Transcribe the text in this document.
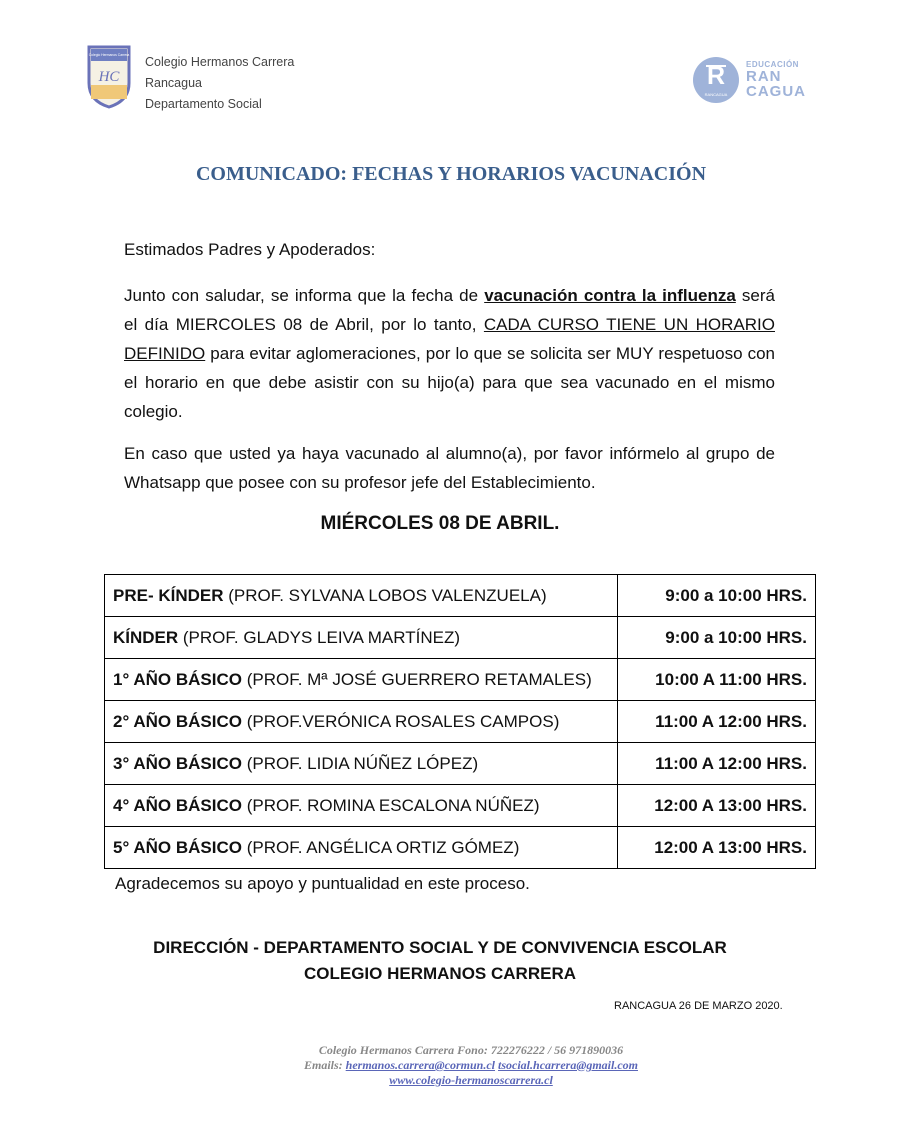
Colegio Hermanos Carrera
HC
Colegio Hermanos Carrera
Rancagua
Departamento Social
R
RANCAGUA
EDUCACIÓN
RAN
CAGUA
COMUNICADO: FECHAS Y HORARIOS VACUNACIÓN
Estimados Padres y Apoderados:
Junto con saludar, se informa que la fecha de vacunación contra la influenza será el día MIERCOLES 08 de Abril, por lo tanto, CADA CURSO TIENE UN HORARIO DEFINIDO para evitar aglomeraciones, por lo que se solicita ser MUY respetuoso con el horario en que debe asistir con su hijo(a) para que sea vacunado en el mismo colegio.
En caso que usted ya haya vacunado al alumno(a), por favor infórmelo al grupo de Whatsapp que posee con su profesor jefe del Establecimiento.
MIÉRCOLES 08 DE ABRIL.
PRE- KÍNDER (PROF. SYLVANA LOBOS VALENZUELA)	9:00 a 10:00 HRS.
KÍNDER (PROF. GLADYS LEIVA MARTÍNEZ)	9:00 a 10:00 HRS.
1° AÑO BÁSICO (PROF. Mª JOSÉ GUERRERO RETAMALES)	10:00 A 11:00 HRS.
2° AÑO BÁSICO (PROF.VERÓNICA ROSALES CAMPOS)	11:00 A 12:00 HRS.
3° AÑO BÁSICO (PROF. LIDIA NÚÑEZ LÓPEZ)	11:00 A 12:00 HRS.
4° AÑO BÁSICO (PROF. ROMINA ESCALONA NÚÑEZ)	12:00 A 13:00 HRS.
5° AÑO BÁSICO (PROF. ANGÉLICA ORTIZ GÓMEZ)	12:00 A 13:00 HRS.
Agradecemos su apoyo y puntualidad en este proceso.
DIRECCIÓN - DEPARTAMENTO SOCIAL Y DE CONVIVENCIA ESCOLAR
COLEGIO HERMANOS CARRERA
RANCAGUA 26 DE MARZO 2020.
Colegio Hermanos Carrera Fono: 722276222 / 56 971890036
Emails: hermanos.carrera@cormun.cl tsocial.hcarrera@gmail.com
www.colegio-hermanoscarrera.cl
